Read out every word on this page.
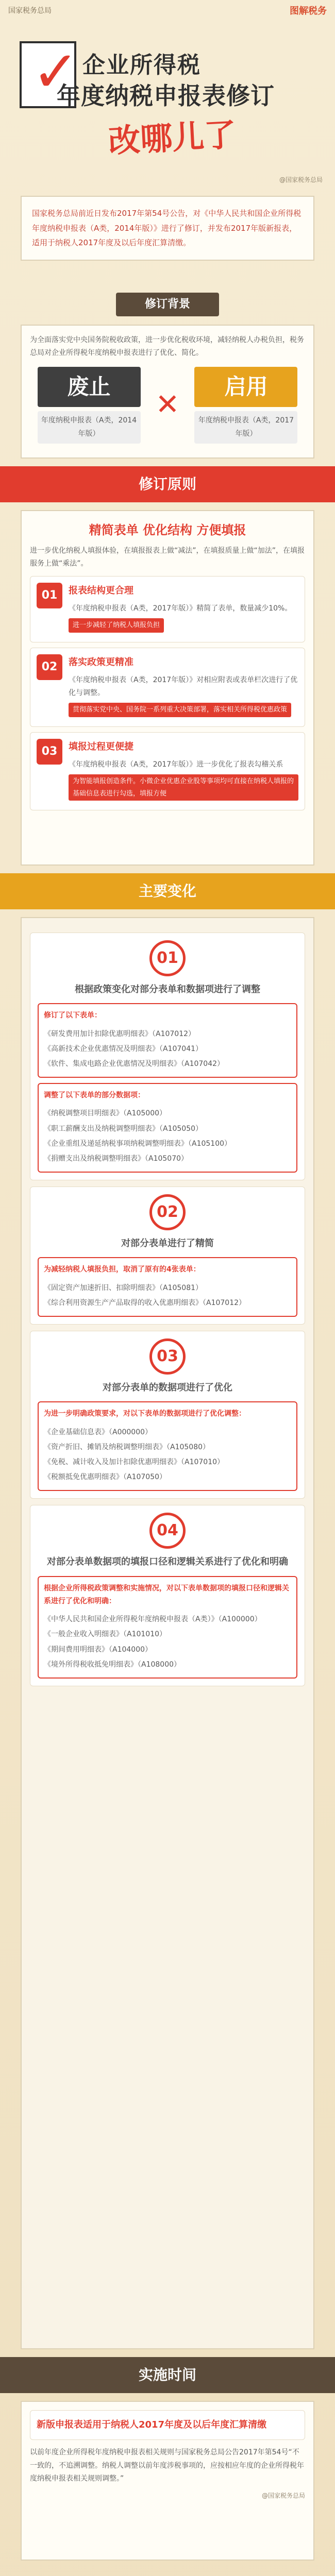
国家税务总局	图解税务
✓ 企业所得税
年度纳税申报表修订
改哪儿了
@国家税务总局

国家税务总局前近日发布2017年第54号公告，对《中华人民共和国企业所得税年度纳税申报表（A类，2014年版）》进行了修订，并发布2017年版新报表，适用于纳税人2017年度及以后年度汇算清缴。

修订背景
为全面落实党中央国务院税收政策，进一步优化税收环境，减轻纳税人办税负担，税务总局对企业所得税年度纳税申报表进行了优化、简化。
废止
年度纳税申报表（A类，2014年版）
✕
启用
年度纳税申报表（A类，2017年版）
修订原则
精简表单 优化结构 方便填报
进一步优化纳税人填报体验，在填报报表上做“减法”，在填报质量上做“加法”，在填报服务上做“乘法”。
01	报表结构更合理
《年度纳税申报表（A类，2017年版）》精简了表单，数量减少10%。
进一步减轻了纳税人填报负担
02	落实政策更精准
《年度纳税申报表（A类，2017年版）》对相应附表或表单栏次进行了优化与调整。
贯彻落实党中央、国务院一系列重大决策部署，落实相关所得税优惠政策
03	填报过程更便捷
《年度纳税申报表（A类，2017年版）》进一步优化了报表勾稽关系
为智能填报创造条件。小微企业优惠企业股等事项均可直接在纳税人填报的基础信息表进行勾选，填报方便
主要变化
01
根据政策变化对部分表单和数据项进行了调整
修订了以下表单：
《研发费用加计扣除优惠明细表》（A107012）
《高新技术企业优惠情况及明细表》（A107041）
《软件、集成电路企业优惠情况及明细表》（A107042）
调整了以下表单的部分数据项：
《纳税调整项目明细表》（A105000）
《职工薪酬支出及纳税调整明细表》（A105050）
《企业重组及递延纳税事项纳税调整明细表》（A105100）
《捐赠支出及纳税调整明细表》（A105070）
02
对部分表单进行了精简
为减轻纳税人填报负担，取消了原有的4张表单：
《固定资产加速折旧、扣除明细表》（A105081）
《综合利用资源生产产品取得的收入优惠明细表》（A107012）
03
对部分表单的数据项进行了优化
为进一步明确政策要求，对以下表单的数据项进行了优化调整：
《企业基础信息表》（A000000）
《资产折旧、摊销及纳税调整明细表》（A105080）
《免税、减计收入及加计扣除优惠明细表》（A107010）
《税额抵免优惠明细表》（A107050）
04
对部分表单数据项的填报口径和逻辑关系进行了优化和明确
根据企业所得税政策调整和实施情况，对以下表单数据项的填报口径和逻辑关系进行了优化和明确：
《中华人民共和国企业所得税年度纳税申报表（A类）》（A100000）
《一般企业收入明细表》（A101010）
《期间费用明细表》（A104000）
《境外所得税收抵免明细表》（A108000）
实施时间
新版申报表适用于纳税人2017年度及以后年度汇算清缴
以前年度企业所得税年度纳税申报表相关规则与国家税务总局公告2017年第54号“不一致的，不追溯调整。纳税人调整以前年度涉税事项的，应按相应年度的企业所得税年度纳税申报表相关规则调整。”
@国家税务总局
